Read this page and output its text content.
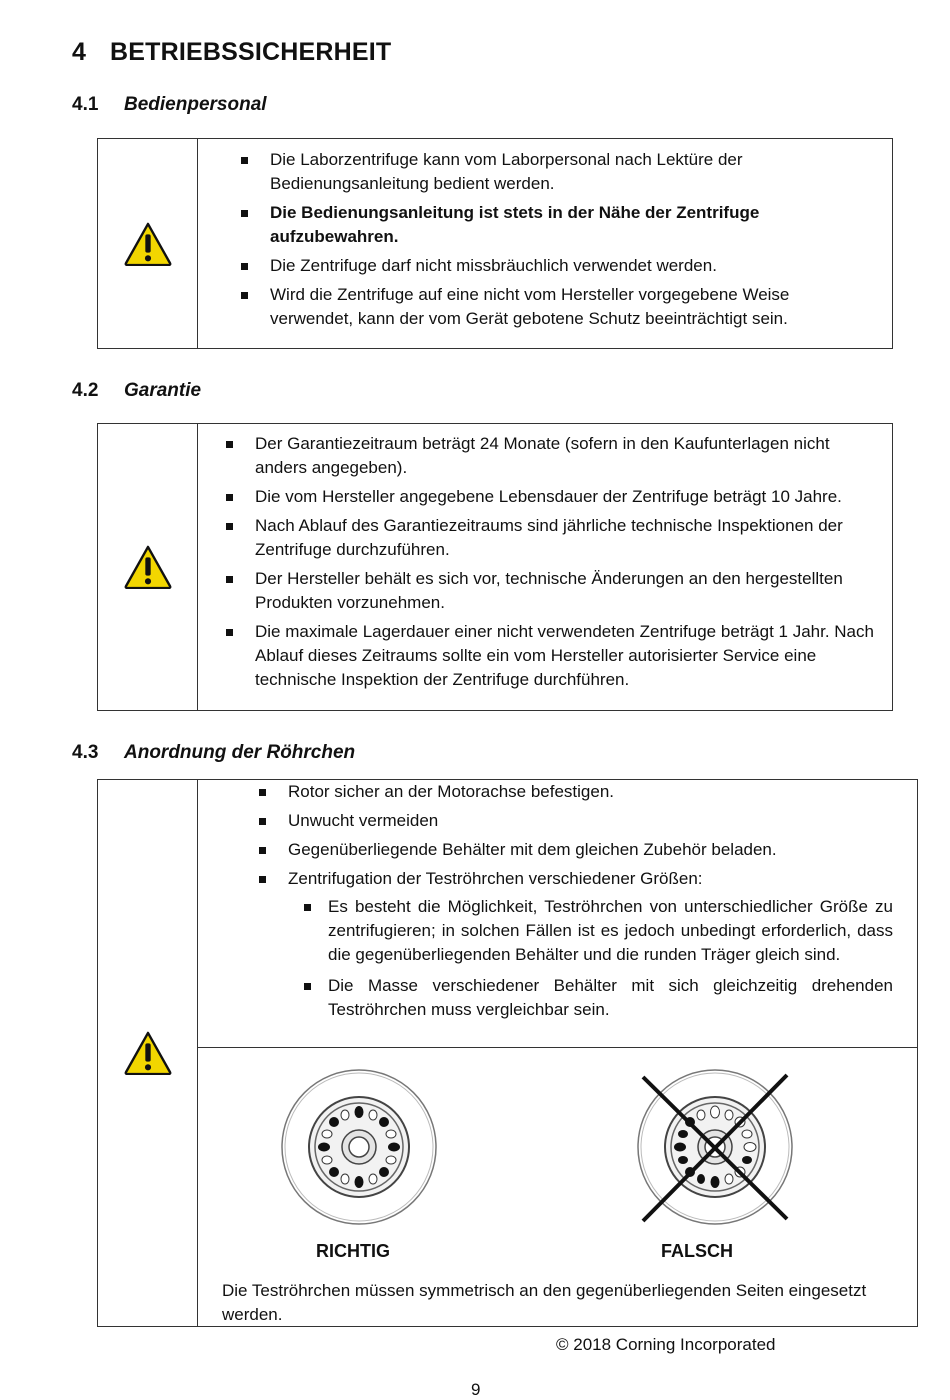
4 BETRIEBSSICHERHEIT
4.1 Bedienpersonal
Die Laborzentrifuge kann vom Laborpersonal nach Lektüre der Bedienungsanleitung bedient werden.
Die Bedienungsanleitung ist stets in der Nähe der Zentrifuge aufzubewahren.
Die Zentrifuge darf nicht missbräuchlich verwendet werden.
Wird die Zentrifuge auf eine nicht vom Hersteller vorgegebene Weise verwendet, kann der vom Gerät gebotene Schutz beeinträchtigt sein.
4.2 Garantie
Der Garantiezeitraum beträgt 24 Monate (sofern in den Kaufunterlagen nicht anders angegeben).
Die vom Hersteller angegebene Lebensdauer der Zentrifuge beträgt 10 Jahre.
Nach Ablauf des Garantiezeitraums sind jährliche technische Inspektionen der Zentrifuge durchzuführen.
Der Hersteller behält es sich vor, technische Änderungen an den hergestellten Produkten vorzunehmen.
Die maximale Lagerdauer einer nicht verwendeten Zentrifuge beträgt 1 Jahr. Nach Ablauf dieses Zeitraums sollte ein vom Hersteller autorisierter Service eine technische Inspektion der Zentrifuge durchführen.
4.3 Anordnung der Röhrchen
Rotor sicher an der Motorachse befestigen.
Unwucht vermeiden
Gegenüberliegende Behälter mit dem gleichen Zubehör beladen.
Zentrifugation der Teströhrchen verschiedener Größen:
Es besteht die Möglichkeit, Teströhrchen von unterschiedlicher Größe zu zentrifugieren; in solchen Fällen ist es jedoch unbedingt erforderlich, dass die gegenüberliegenden Behälter und die runden Träger gleich sind.
Die Masse verschiedener Behälter mit sich gleichzeitig drehenden Teströhrchen muss vergleichbar sein.
RICHTIG	FALSCH
Die Teströhrchen müssen symmetrisch an den gegenüberliegenden Seiten eingesetzt werden.
© 2018 Corning Incorporated
9
